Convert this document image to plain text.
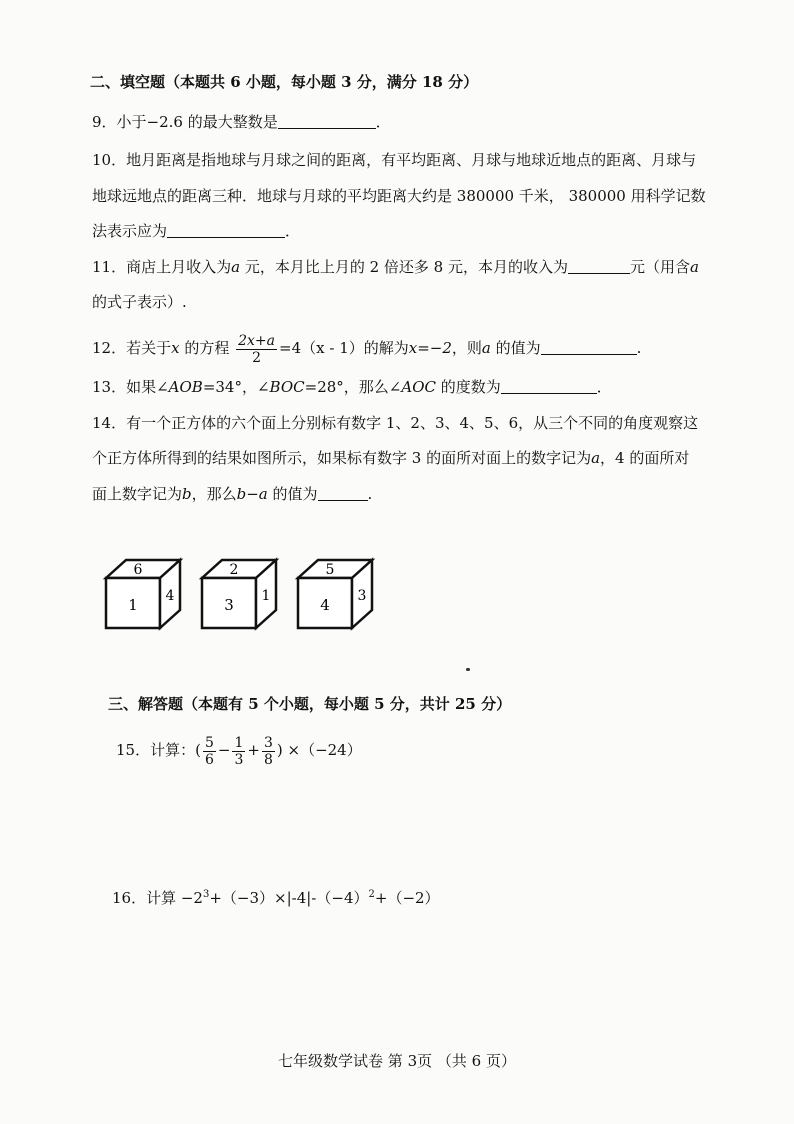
二、填空题（本题共 6 小题，每小题 3 分，满分 18 分）
9．小于−2.6 的最大整数是	．
10．地月距离是指地球与月球之间的距离，有平均距离、月球与地球近地点的距离、月球与
地球远地点的距离三种．地球与月球的平均距离大约是 380000 千米， 380000 用科学记数
法表示应为	．
11．商店上月收入为a 元，本月比上月的 2 倍还多 8 元，本月的收入为	元（用含a
的式子表示）.
12．若关于x 的方程 $\frac{2x+a}{2} =4(x - 1)$的解为x=−2，则a 的值为	.
13．如果∠AOB=34°，∠BOC=28°，那么∠AOC 的度数为	．
14．有一个正方体的六个面上分别标有数字 1、2、3、4、5、6，从三个不同的角度观察这
个正方体所得到的结果如图所示，如果标有数字 3 的面所对面上的数字记为a，4 的面所对
面上数字记为b，那么b−a 的值为	.
6
1 4
2
3 1
5
4 3
三、解答题（本题有 5 个小题，每小题 5 分，共计 25 分）
15．计算：( $\frac{5}{6} - \frac{1}{3} + \frac{3}{8}$ ) ×（−24）
16．计算 $-2^3+(-3)\times|-4|-(-4)^2+(-2)$
七年级数学试卷 第 3页 （共 6 页）
